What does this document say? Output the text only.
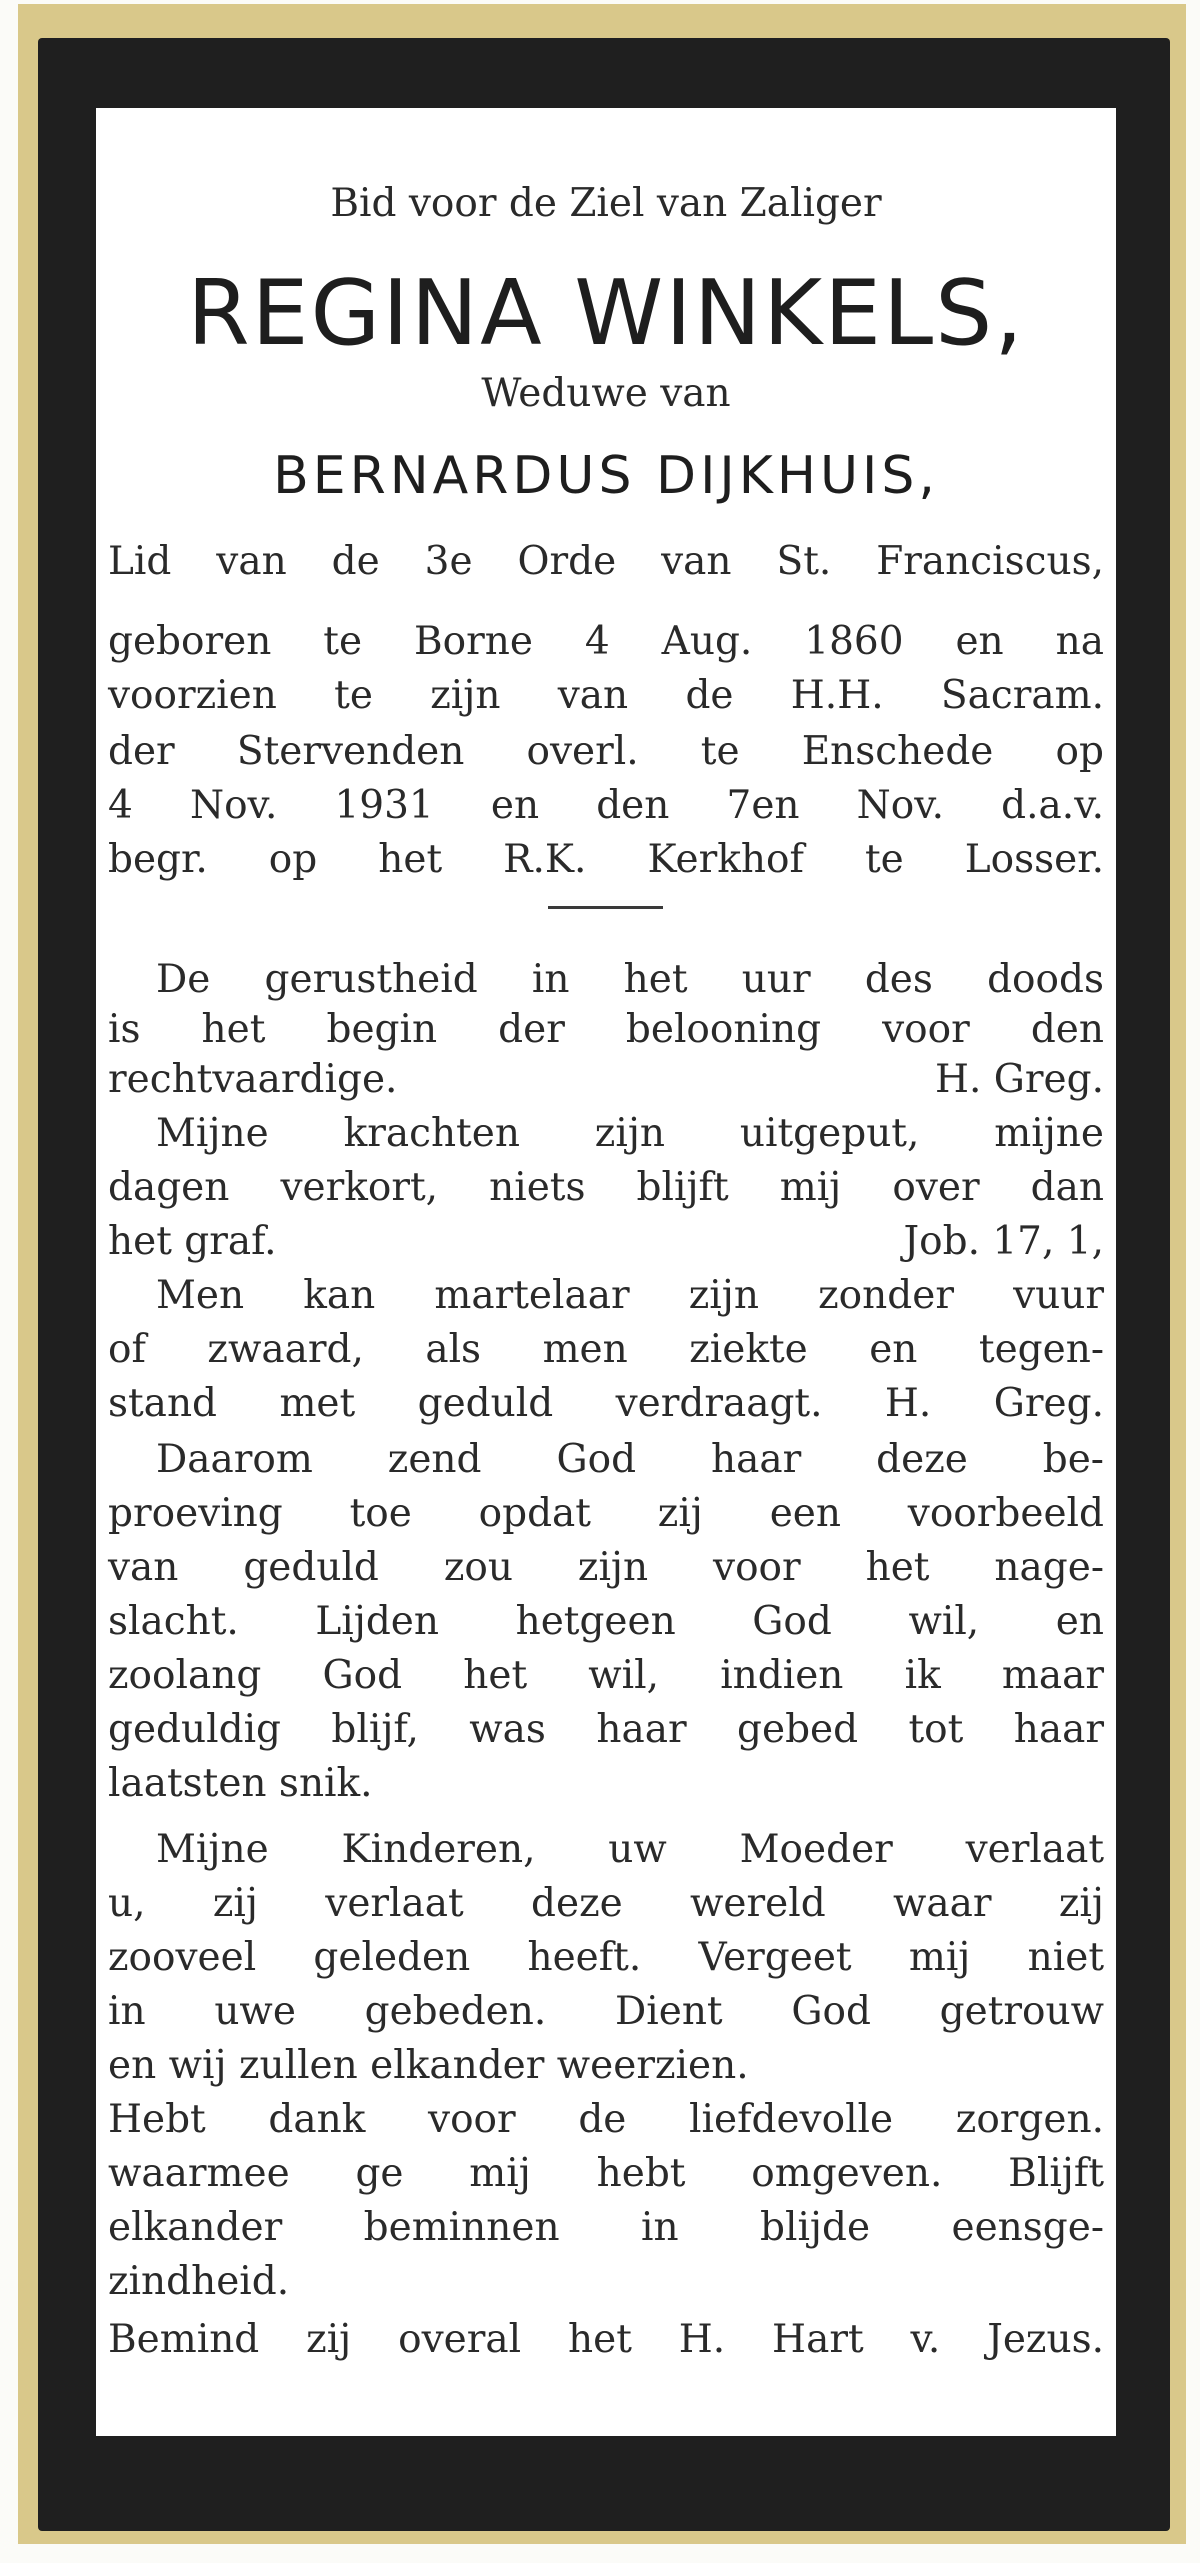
Bid voor de Ziel van Zaliger
REGINA WINKELS,
Weduwe van
BERNARDUS DIJKHUIS,
Lid van de 3e Orde van St. Franciscus,
geboren te Borne 4 Aug. 1860 en na
voorzien te zijn van de H.H. Sacram.
der Stervenden overl. te Enschede op
4 Nov. 1931 en den 7en Nov. d.a.v.
begr. op het R.K. Kerkhof te Losser.
De gerustheid in het uur des doods
is het begin der belooning voor den
rechtvaardige.	H. Greg.
Mijne krachten zijn uitgeput, mijne
dagen verkort, niets blijft mij over dan
het graf.	Job. 17, 1,
Men kan martelaar zijn zonder vuur
of zwaard, als men ziekte en tegen-
stand met geduld verdraagt. H. Greg.
Daarom zend God haar deze be-
proeving toe opdat zij een voorbeeld
van geduld zou zijn voor het nage-
slacht. Lijden hetgeen God wil, en
zoolang God het wil, indien ik maar
geduldig blijf, was haar gebed tot haar
laatsten snik.
Mijne Kinderen, uw Moeder verlaat
u, zij verlaat deze wereld waar zij
zooveel geleden heeft. Vergeet mij niet
in uwe gebeden. Dient God getrouw
en wij zullen elkander weerzien.
Hebt dank voor de liefdevolle zorgen.
waarmee ge mij hebt omgeven. Blijft
elkander beminnen in blijde eensge-
zindheid.
Bemind zij overal het H. Hart v. Jezus.
